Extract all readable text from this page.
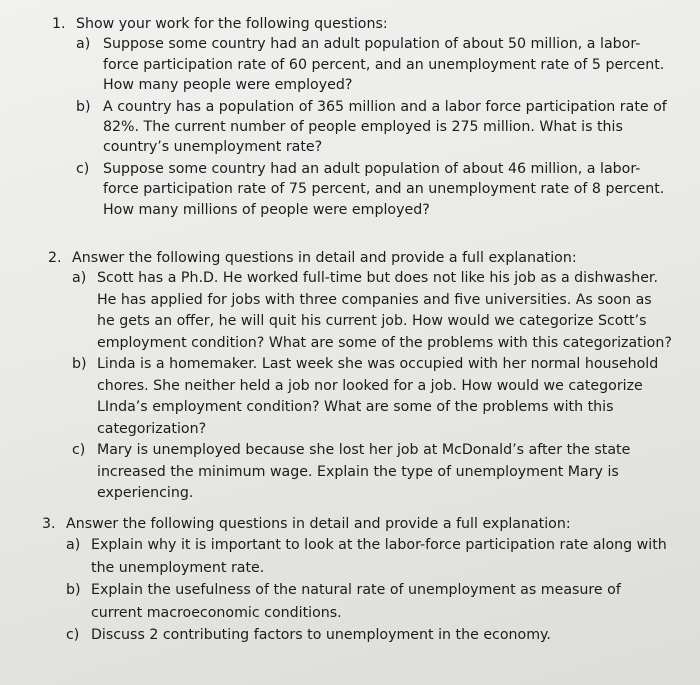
1. Show your work for the following questions:
a) Suppose some country had an adult population of about 50 million, a labor-force participation rate of 60 percent, and an unemployment rate of 5 percent. How many people were employed?
b) A country has a population of 365 million and a labor force participation rate of 82%. The current number of people employed is 275 million. What is this country’s unemployment rate?
c) Suppose some country had an adult population of about 46 million, a labor-force participation rate of 75 percent, and an unemployment rate of 8 percent. How many millions of people were employed?
2. Answer the following questions in detail and provide a full explanation:
a) Scott has a Ph.D. He worked full-time but does not like his job as a dishwasher. He has applied for jobs with three companies and five universities. As soon as he gets an offer, he will quit his current job. How would we categorize Scott’s employment condition? What are some of the problems with this categorization?
b) Linda is a homemaker. Last week she was occupied with her normal household chores. She neither held a job nor looked for a job. How would we categorize LInda’s employment condition? What are some of the problems with this categorization?
c) Mary is unemployed because she lost her job at McDonald’s after the state increased the minimum wage. Explain the type of unemployment Mary is experiencing.
3. Answer the following questions in detail and provide a full explanation:
a) Explain why it is important to look at the labor-force participation rate along with the unemployment rate.
b) Explain the usefulness of the natural rate of unemployment as measure of current macroeconomic conditions.
c) Discuss 2 contributing factors to unemployment in the economy.
